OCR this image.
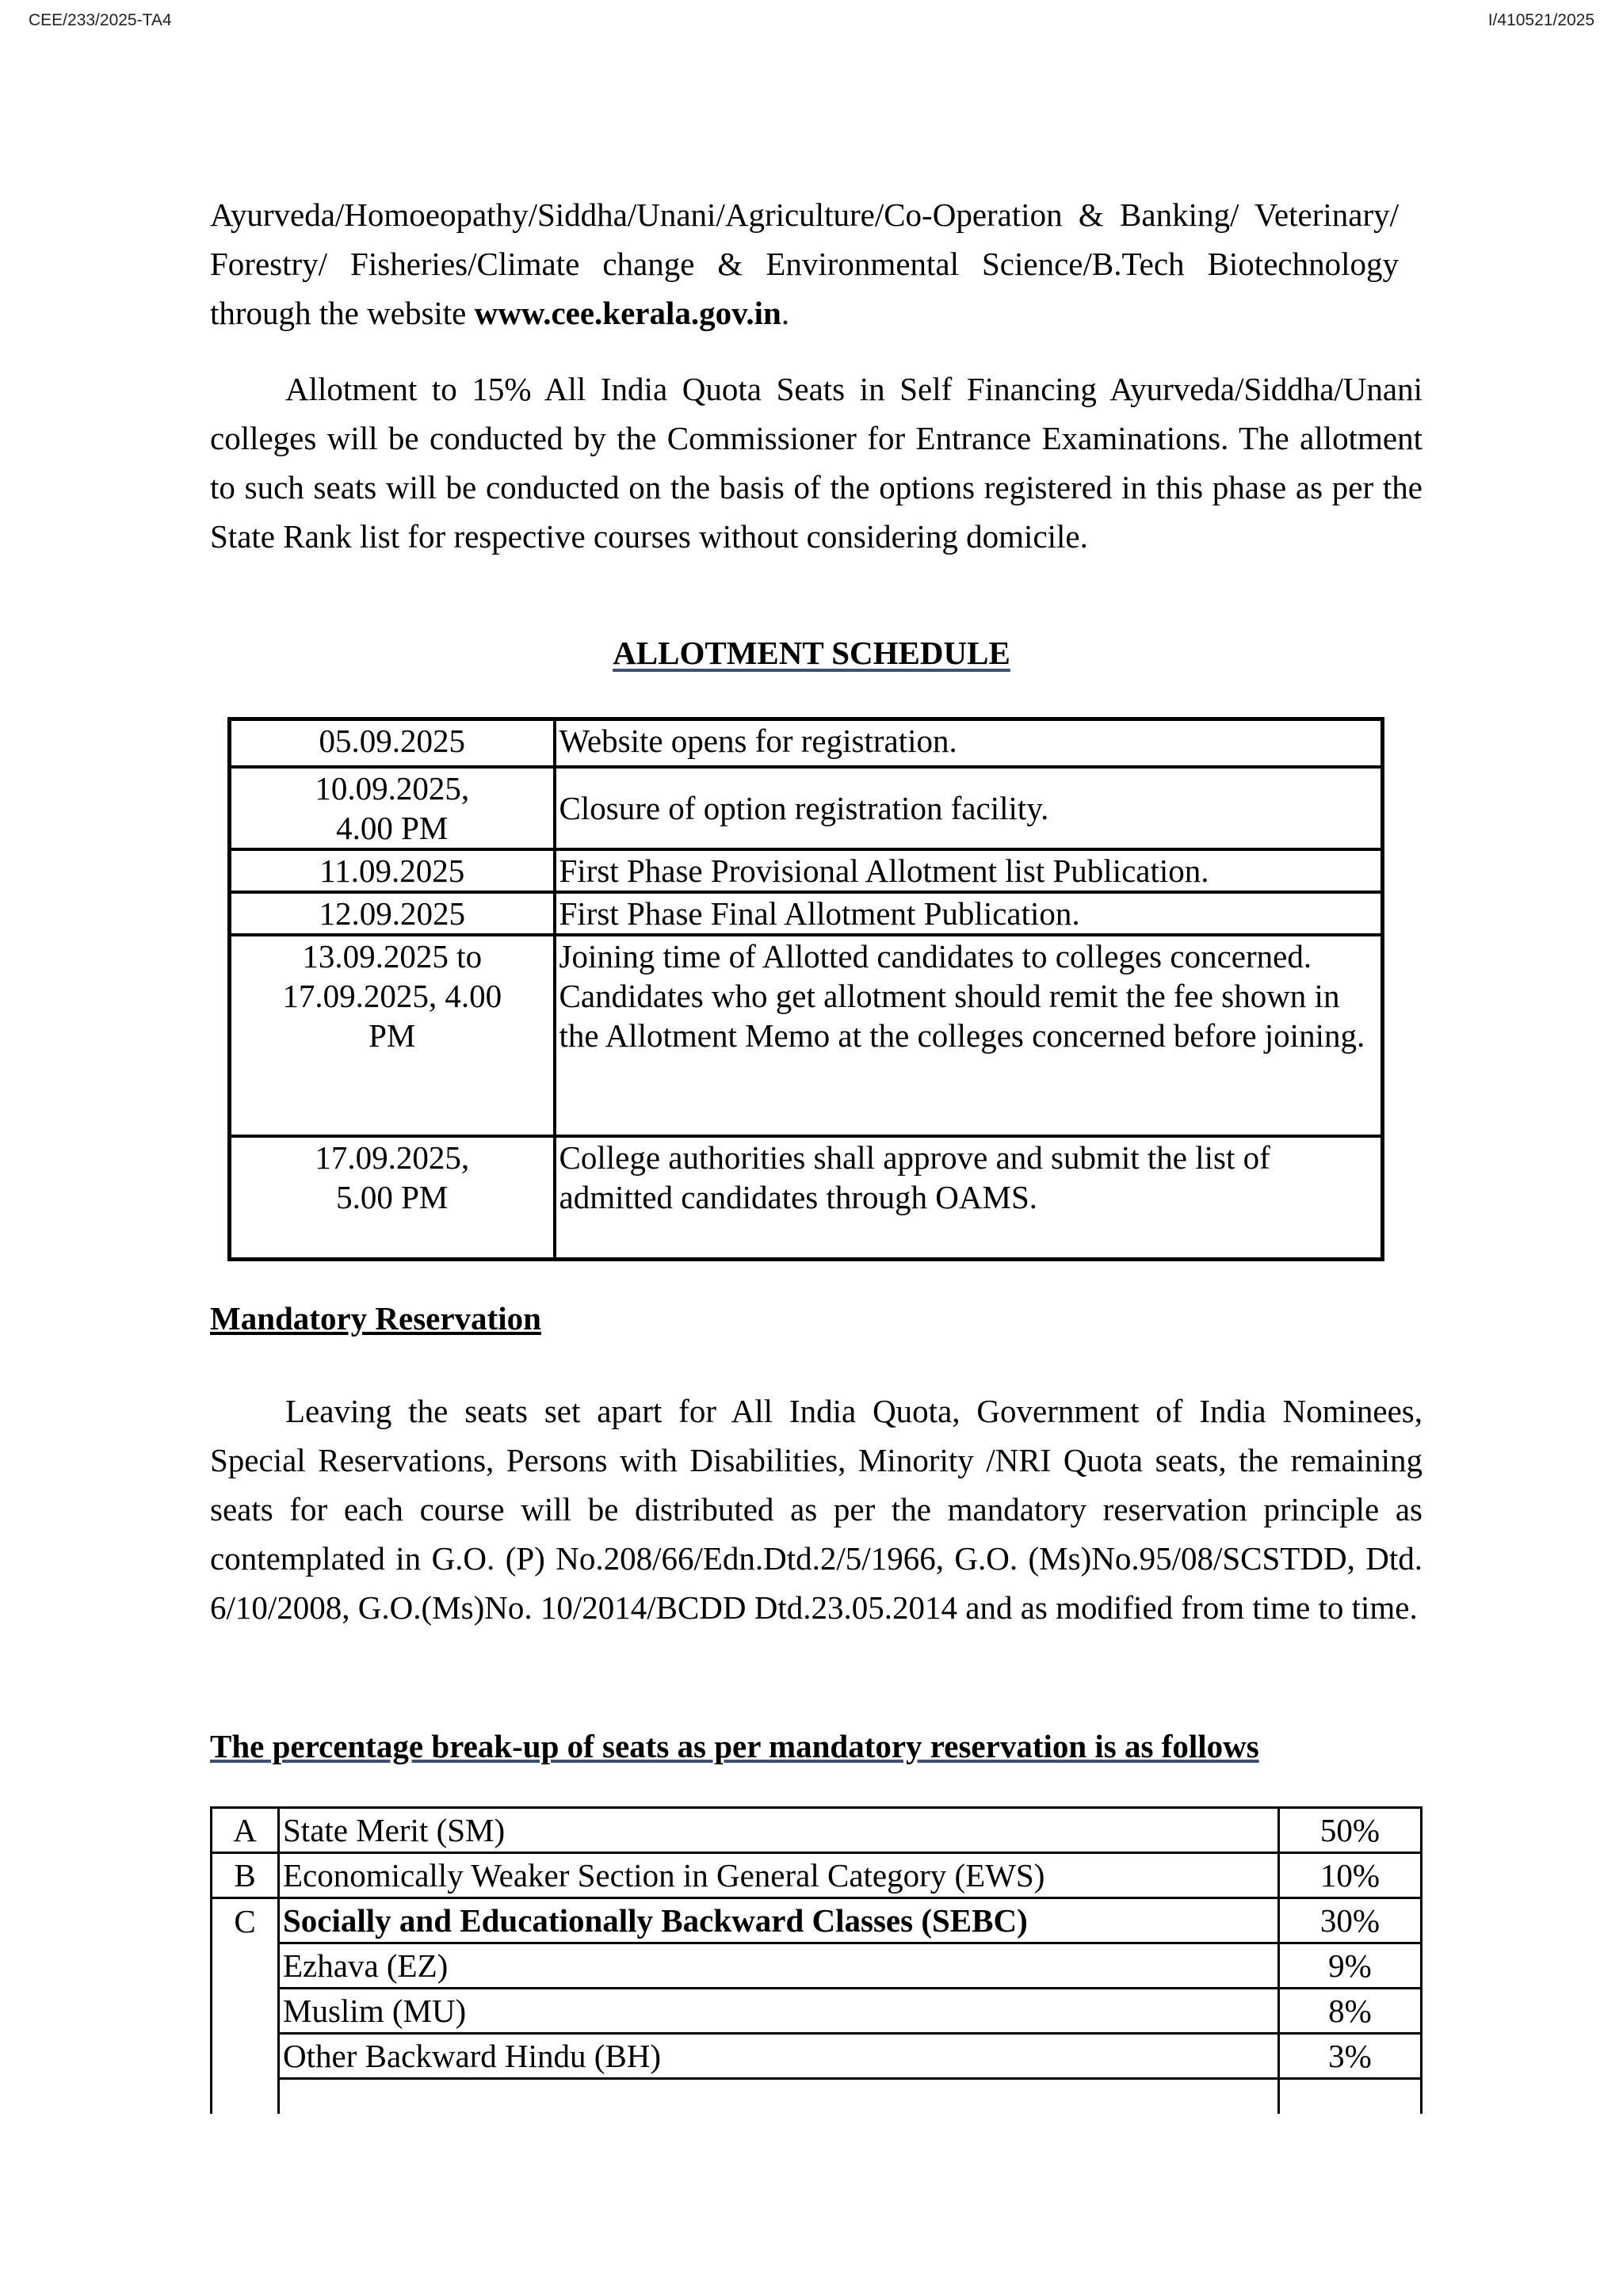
CEE/233/2025-TA4	I/410521/2025

Ayurveda/Homoeopathy/Siddha/Unani/Agriculture/Co-Operation & Banking/ Veterinary/ Forestry/ Fisheries/Climate change & Environmental Science/B.Tech Biotechnology through the website www.cee.kerala.gov.in.

Allotment to 15% All India Quota Seats in Self Financing Ayurveda/Siddha/Unani colleges will be conducted by the Commissioner for Entrance Examinations. The allotment to such seats will be conducted on the basis of the options registered in this phase as per the State Rank list for respective courses without considering domicile.

ALLOTMENT SCHEDULE
05.09.2025	Website opens for registration.
10.09.2025, 4.00 PM	Closure of option registration facility.
11.09.2025	First Phase Provisional Allotment list Publication.
12.09.2025	First Phase Final Allotment Publication.
13.09.2025 to 17.09.2025, 4.00 PM	Joining time of Allotted candidates to colleges concerned. Candidates who get allotment should remit the fee shown in the Allotment Memo at the colleges concerned before joining.
17.09.2025, 5.00 PM	College authorities shall approve and submit the list of admitted candidates through OAMS.
Mandatory Reservation

Leaving the seats set apart for All India Quota, Government of India Nominees, Special Reservations, Persons with Disabilities, Minority /NRI Quota seats, the remaining seats for each course will be distributed as per the mandatory reservation principle as contemplated in G.O. (P) No.208/66/Edn.Dtd.2/5/1966, G.O. (Ms)No.95/08/SCSTDD, Dtd. 6/10/2008, G.O.(Ms)No. 10/2014/BCDD Dtd.23.05.2014 and as modified from time to time.

The percentage break-up of seats as per mandatory reservation is as follows
A	State Merit (SM)	50%
B	Economically Weaker Section in General Category (EWS)	10%
C	Socially and Educationally Backward Classes (SEBC)	30%
	Ezhava (EZ)	9%
	Muslim (MU)	8%
	Other Backward Hindu (BH)	3%
